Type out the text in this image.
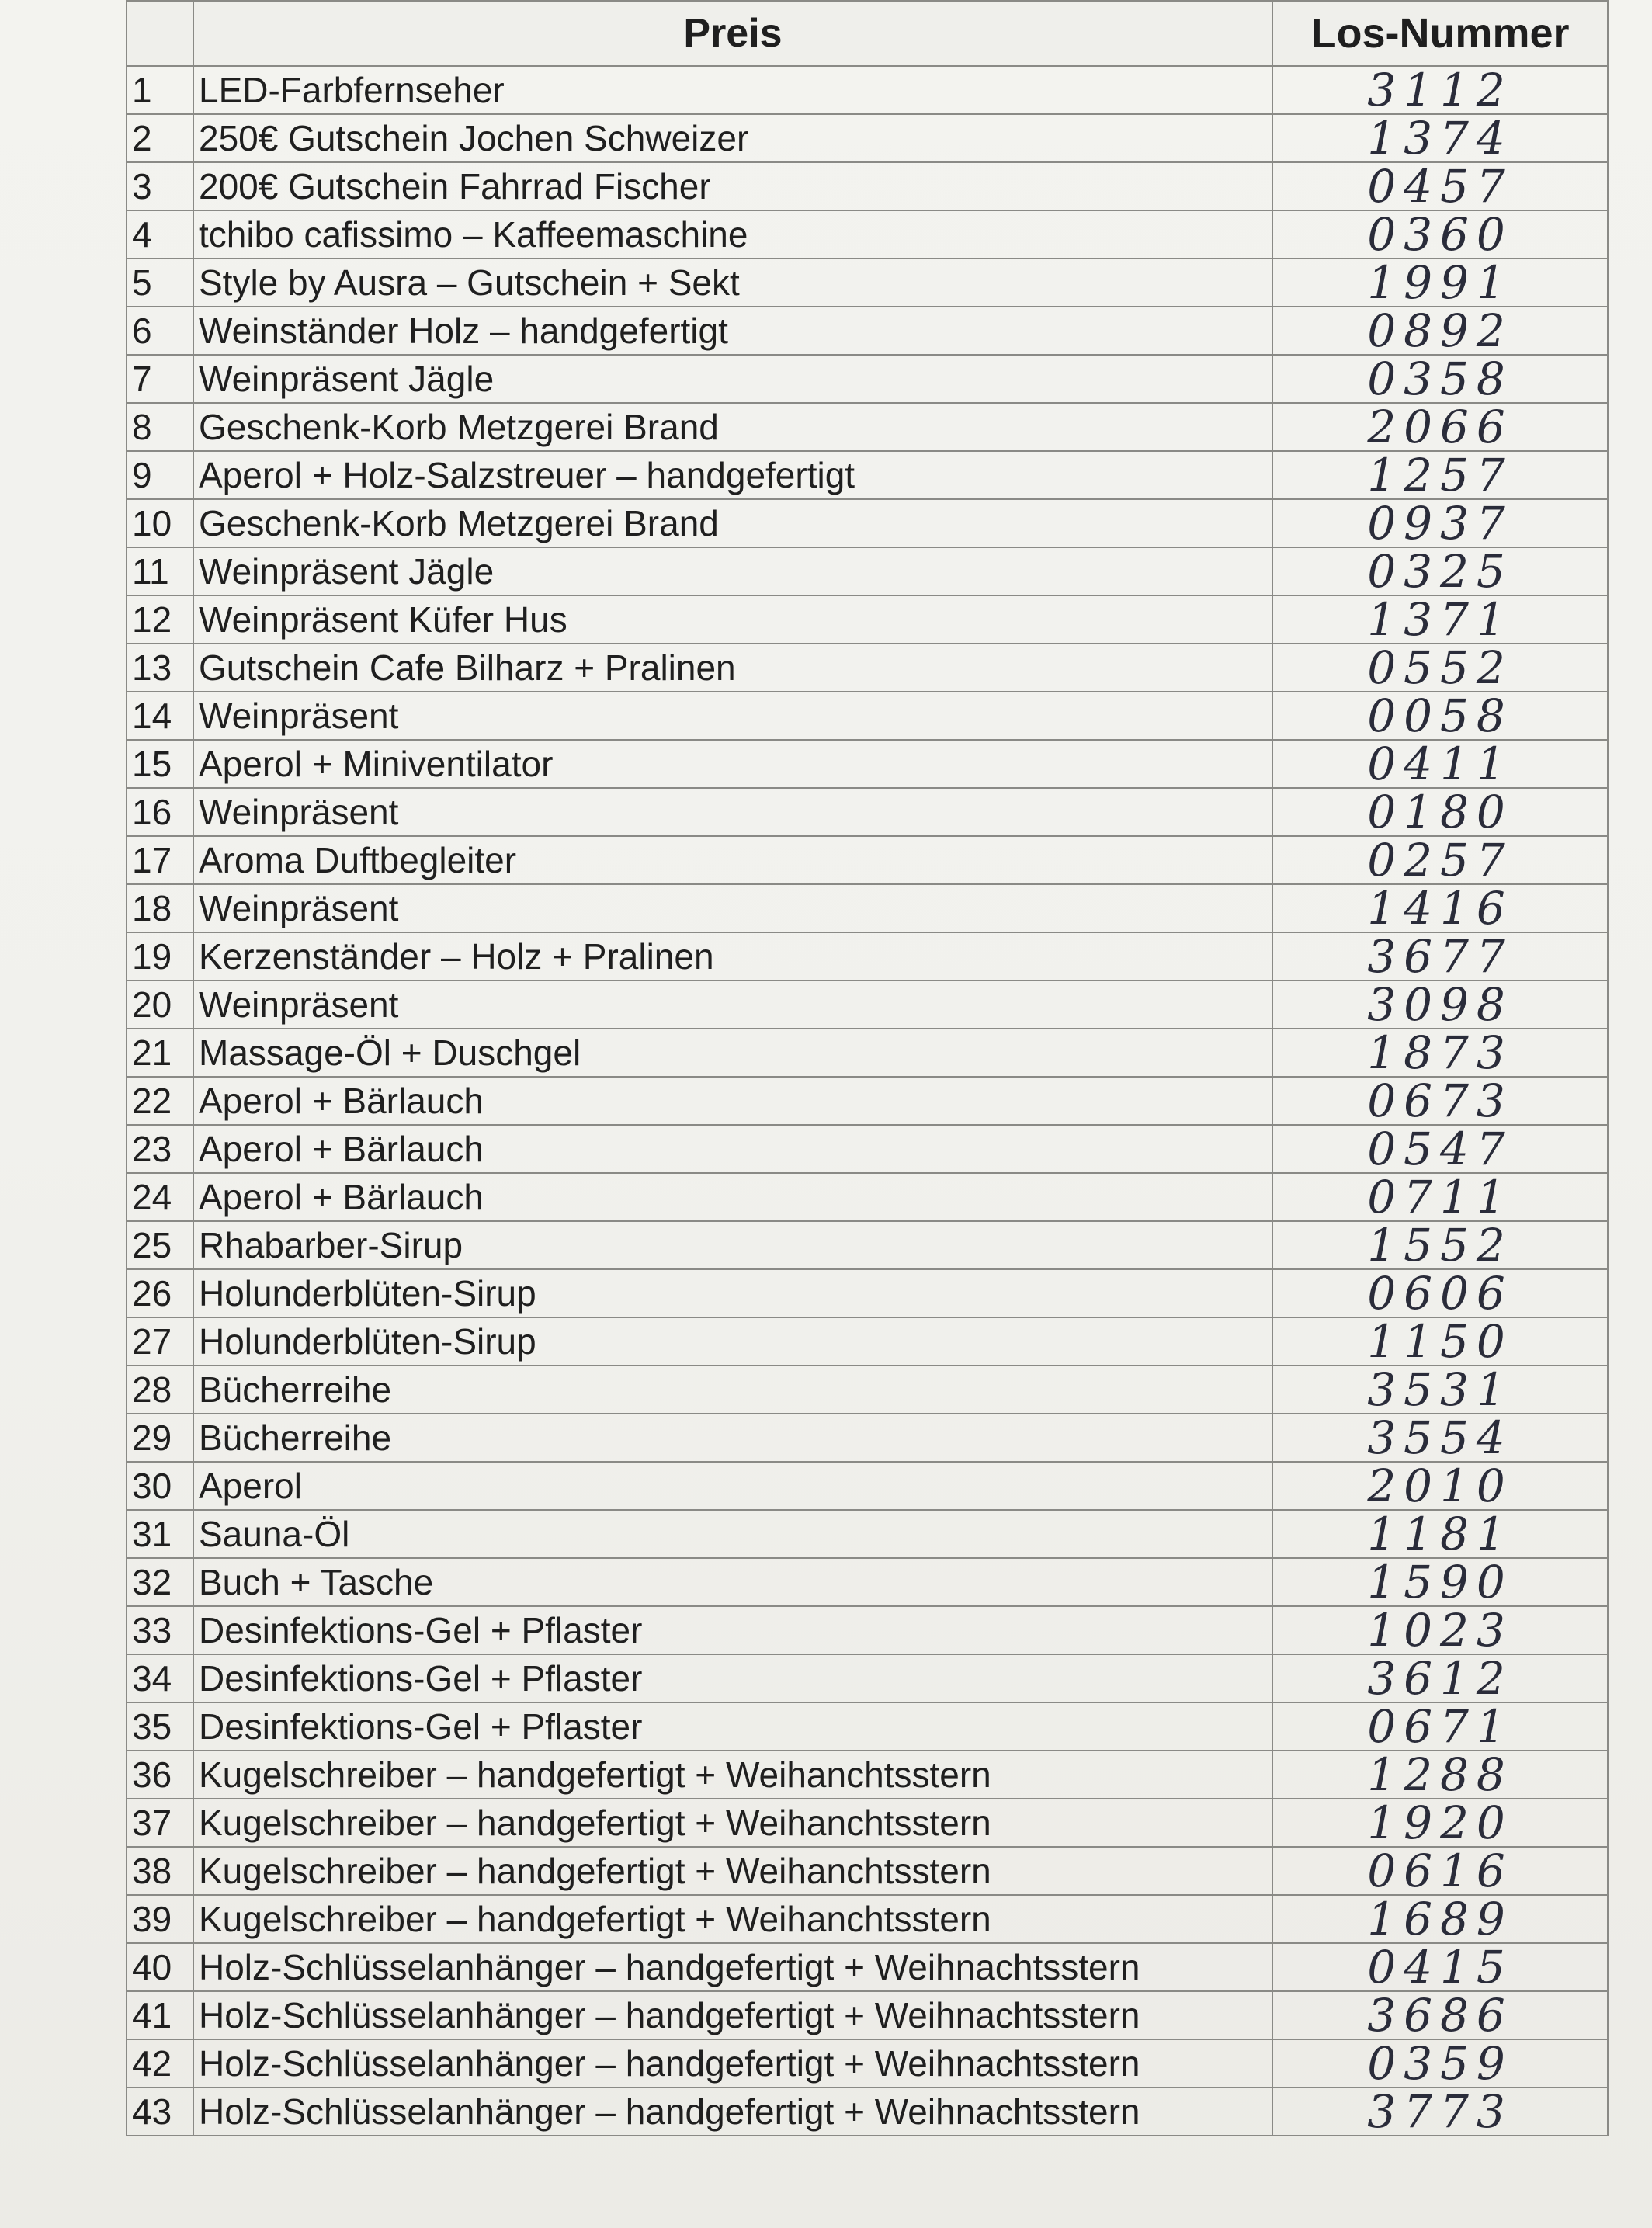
	Preis	Los-Nummer
1	LED-Farbfernseher	3112
2	250€ Gutschein Jochen Schweizer	1374
3	200€ Gutschein Fahrrad Fischer	0457
4	tchibo cafissimo – Kaffeemaschine	0360
5	Style by Ausra – Gutschein + Sekt	1991
6	Weinständer Holz – handgefertigt	0892
7	Weinpräsent Jägle	0358
8	Geschenk-Korb Metzgerei Brand	2066
9	Aperol + Holz-Salzstreuer – handgefertigt	1257
10	Geschenk-Korb Metzgerei Brand	0937
11	Weinpräsent Jägle	0325
12	Weinpräsent Küfer Hus	1371
13	Gutschein Cafe Bilharz + Pralinen	0552
14	Weinpräsent	0058
15	Aperol + Miniventilator	0411
16	Weinpräsent	0180
17	Aroma Duftbegleiter	0257
18	Weinpräsent	1416
19	Kerzenständer – Holz + Pralinen	3677
20	Weinpräsent	3098
21	Massage-Öl + Duschgel	1873
22	Aperol + Bärlauch	0673
23	Aperol + Bärlauch	0547
24	Aperol + Bärlauch	0711
25	Rhabarber-Sirup	1552
26	Holunderblüten-Sirup	0606
27	Holunderblüten-Sirup	1150
28	Bücherreihe	3531
29	Bücherreihe	3554
30	Aperol	2010
31	Sauna-Öl	1181
32	Buch + Tasche	1590
33	Desinfektions-Gel + Pflaster	1023
34	Desinfektions-Gel + Pflaster	3612
35	Desinfektions-Gel + Pflaster	0671
36	Kugelschreiber – handgefertigt + Weihanchtsstern	1288
37	Kugelschreiber – handgefertigt + Weihanchtsstern	1920
38	Kugelschreiber – handgefertigt + Weihanchtsstern	0616
39	Kugelschreiber – handgefertigt + Weihanchtsstern	1689
40	Holz-Schlüsselanhänger – handgefertigt + Weihnachtsstern	0415
41	Holz-Schlüsselanhänger – handgefertigt + Weihnachtsstern	3686
42	Holz-Schlüsselanhänger – handgefertigt + Weihnachtsstern	0359
43	Holz-Schlüsselanhänger – handgefertigt + Weihnachtsstern	3773
